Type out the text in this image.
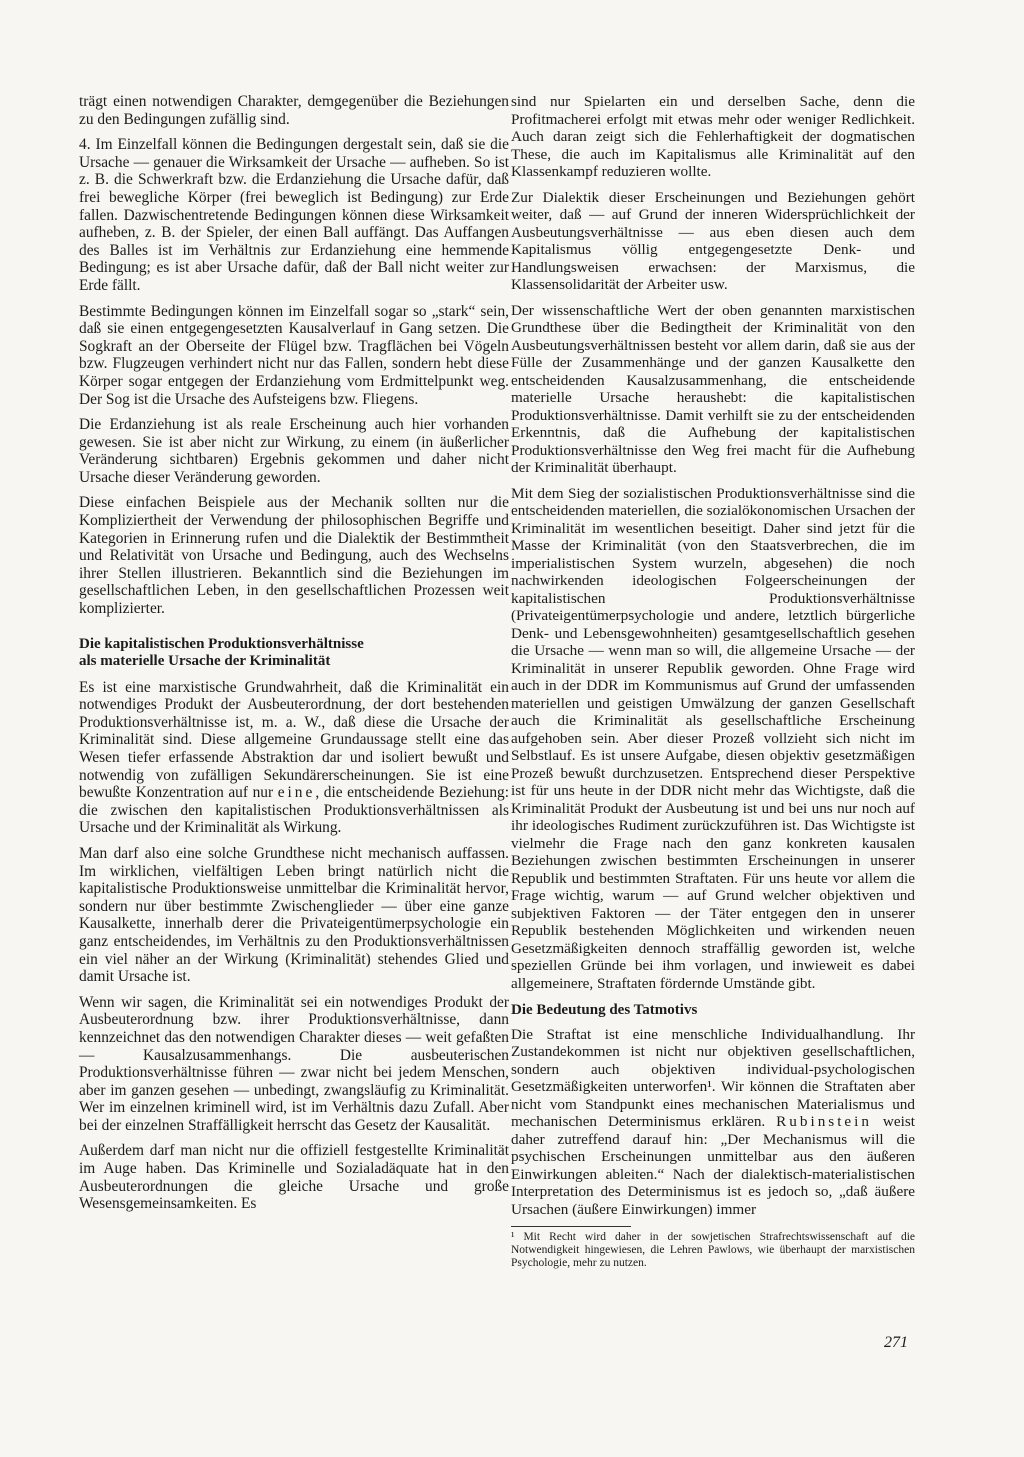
trägt einen notwendigen Charakter, demgegenüber die Beziehungen zu den Bedingungen zufällig sind.

4. Im Einzelfall können die Bedingungen dergestalt sein, daß sie die Ursache — genauer die Wirksamkeit der Ursache — aufheben. So ist z. B. die Schwerkraft bzw. die Erdanziehung die Ursache dafür, daß frei bewegliche Körper (frei beweglich ist Bedingung) zur Erde fallen. Dazwischentretende Bedingungen können diese Wirksamkeit aufheben, z. B. der Spieler, der einen Ball auffängt. Das Auffangen des Balles ist im Verhältnis zur Erdanziehung eine hemmende Bedingung; es ist aber Ursache dafür, daß der Ball nicht weiter zur Erde fällt.

Bestimmte Bedingungen können im Einzelfall sogar so „stark“ sein, daß sie einen entgegengesetzten Kausalverlauf in Gang setzen. Die Sogkraft an der Oberseite der Flügel bzw. Tragflächen bei Vögeln bzw. Flugzeugen verhindert nicht nur das Fallen, sondern hebt diese Körper sogar entgegen der Erdanziehung vom Erdmittelpunkt weg. Der Sog ist die Ursache des Aufsteigens bzw. Fliegens.

Die Erdanziehung ist als reale Erscheinung auch hier vorhanden gewesen. Sie ist aber nicht zur Wirkung, zu einem (in äußerlicher Veränderung sichtbaren) Ergebnis gekommen und daher nicht Ursache dieser Veränderung geworden.

Diese einfachen Beispiele aus der Mechanik sollten nur die Kompliziertheit der Verwendung der philosophischen Begriffe und Kategorien in Erinnerung rufen und die Dialektik der Bestimmtheit und Relativität von Ursache und Bedingung, auch des Wechselns ihrer Stellen illustrieren. Bekanntlich sind die Beziehungen im gesellschaftlichen Leben, in den gesellschaftlichen Prozessen weit komplizierter.

Die kapitalistischen Produktionsverhältnisse
als materielle Ursache der Kriminalität

Es ist eine marxistische Grundwahrheit, daß die Kriminalität ein notwendiges Produkt der Ausbeuterordnung, der dort bestehenden Produktionsverhältnisse ist, m. a. W., daß diese die Ursache der Kriminalität sind. Diese allgemeine Grundaussage stellt eine das Wesen tiefer erfassende Abstraktion dar und isoliert bewußt und notwendig von zufälligen Sekundärerscheinungen. Sie ist eine bewußte Konzentration auf nur eine, die entscheidende Beziehung: die zwischen den kapitalistischen Produktionsverhältnissen als Ursache und der Kriminalität als Wirkung.

Man darf also eine solche Grundthese nicht mechanisch auffassen. Im wirklichen, vielfältigen Leben bringt natürlich nicht die kapitalistische Produktionsweise unmittelbar die Kriminalität hervor, sondern nur über bestimmte Zwischenglieder — über eine ganze Kausalkette, innerhalb derer die Privateigentümerpsychologie ein ganz entscheidendes, im Verhältnis zu den Produktionsverhältnissen ein viel näher an der Wirkung (Kriminalität) stehendes Glied und damit Ursache ist.

Wenn wir sagen, die Kriminalität sei ein notwendiges Produkt der Ausbeuterordnung bzw. ihrer Produktionsverhältnisse, dann kennzeichnet das den notwendigen Charakter dieses — weit gefaßten — Kausalzusammenhangs. Die ausbeuterischen Produktionsverhältnisse führen — zwar nicht bei jedem Menschen, aber im ganzen gesehen — unbedingt, zwangsläufig zu Kriminalität. Wer im einzelnen kriminell wird, ist im Verhältnis dazu Zufall. Aber bei der einzelnen Straffälligkeit herrscht das Gesetz der Kausalität.

Außerdem darf man nicht nur die offiziell festgestellte Kriminalität im Auge haben. Das Kriminelle und Sozialadäquate hat in den Ausbeuterordnungen die gleiche Ursache und große Wesensgemeinsamkeiten. Es

sind nur Spielarten ein und derselben Sache, denn die Profitmacherei erfolgt mit etwas mehr oder weniger Redlichkeit. Auch daran zeigt sich die Fehlerhaftigkeit der dogmatischen These, die auch im Kapitalismus alle Kriminalität auf den Klassenkampf reduzieren wollte.

Zur Dialektik dieser Erscheinungen und Beziehungen gehört weiter, daß — auf Grund der inneren Widersprüchlichkeit der Ausbeutungsverhältnisse — aus eben diesen auch dem Kapitalismus völlig entgegengesetzte Denk- und Handlungsweisen erwachsen: der Marxismus, die Klassensolidarität der Arbeiter usw.

Der wissenschaftliche Wert der oben genannten marxistischen Grundthese über die Bedingtheit der Kriminalität von den Ausbeutungsverhältnissen besteht vor allem darin, daß sie aus der Fülle der Zusammenhänge und der ganzen Kausalkette den entscheidenden Kausalzusammenhang, die entscheidende materielle Ursache heraushebt: die kapitalistischen Produktionsverhältnisse. Damit verhilft sie zu der entscheidenden Erkenntnis, daß die Aufhebung der kapitalistischen Produktionsverhältnisse den Weg frei macht für die Aufhebung der Kriminalität überhaupt.

Mit dem Sieg der sozialistischen Produktionsverhältnisse sind die entscheidenden materiellen, die sozialökonomischen Ursachen der Kriminalität im wesentlichen beseitigt. Daher sind jetzt für die Masse der Kriminalität (von den Staatsverbrechen, die im imperialistischen System wurzeln, abgesehen) die noch nachwirkenden ideologischen Folgeerscheinungen der kapitalistischen Produktionsverhältnisse (Privateigentümerpsychologie und andere, letztlich bürgerliche Denk- und Lebensgewohnheiten) gesamtgesellschaftlich gesehen die Ursache — wenn man so will, die allgemeine Ursache — der Kriminalität in unserer Republik geworden. Ohne Frage wird auch in der DDR im Kommunismus auf Grund der umfassenden materiellen und geistigen Umwälzung der ganzen Gesellschaft auch die Kriminalität als gesellschaftliche Erscheinung aufgehoben sein. Aber dieser Prozeß vollzieht sich nicht im Selbstlauf. Es ist unsere Aufgabe, diesen objektiv gesetzmäßigen Prozeß bewußt durchzusetzen. Entsprechend dieser Perspektive ist für uns heute in der DDR nicht mehr das Wichtigste, daß die Kriminalität Produkt der Ausbeutung ist und bei uns nur noch auf ihr ideologisches Rudiment zurückzuführen ist. Das Wichtigste ist vielmehr die Frage nach den ganz konkreten kausalen Beziehungen zwischen bestimmten Erscheinungen in unserer Republik und bestimmten Straftaten. Für uns heute vor allem die Frage wichtig, warum — auf Grund welcher objektiven und subjektiven Faktoren — der Täter entgegen den in unserer Republik bestehenden Möglichkeiten und wirkenden neuen Gesetzmäßigkeiten dennoch straffällig geworden ist, welche speziellen Gründe bei ihm vorlagen, und inwieweit es dabei allgemeinere, Straftaten fördernde Umstände gibt.

Die Bedeutung des Tatmotivs

Die Straftat ist eine menschliche Individualhandlung. Ihr Zustandekommen ist nicht nur objektiven gesellschaftlichen, sondern auch objektiven individual-psychologischen Gesetzmäßigkeiten unterworfen¹. Wir können die Straftaten aber nicht vom Standpunkt eines mechanischen Materialismus und mechanischen Determinismus erklären. Rubinstein weist daher zutreffend darauf hin: „Der Mechanismus will die psychischen Erscheinungen unmittelbar aus den äußeren Einwirkungen ableiten.“ Nach der dialektisch-materialistischen Interpretation des Determinismus ist es jedoch so, „daß äußere Ursachen (äußere Einwirkungen) immer

¹ Mit Recht wird daher in der sowjetischen Strafrechtswissenschaft auf die Notwendigkeit hingewiesen, die Lehren Pawlows, wie überhaupt der marxistischen Psychologie, mehr zu nutzen.

271
